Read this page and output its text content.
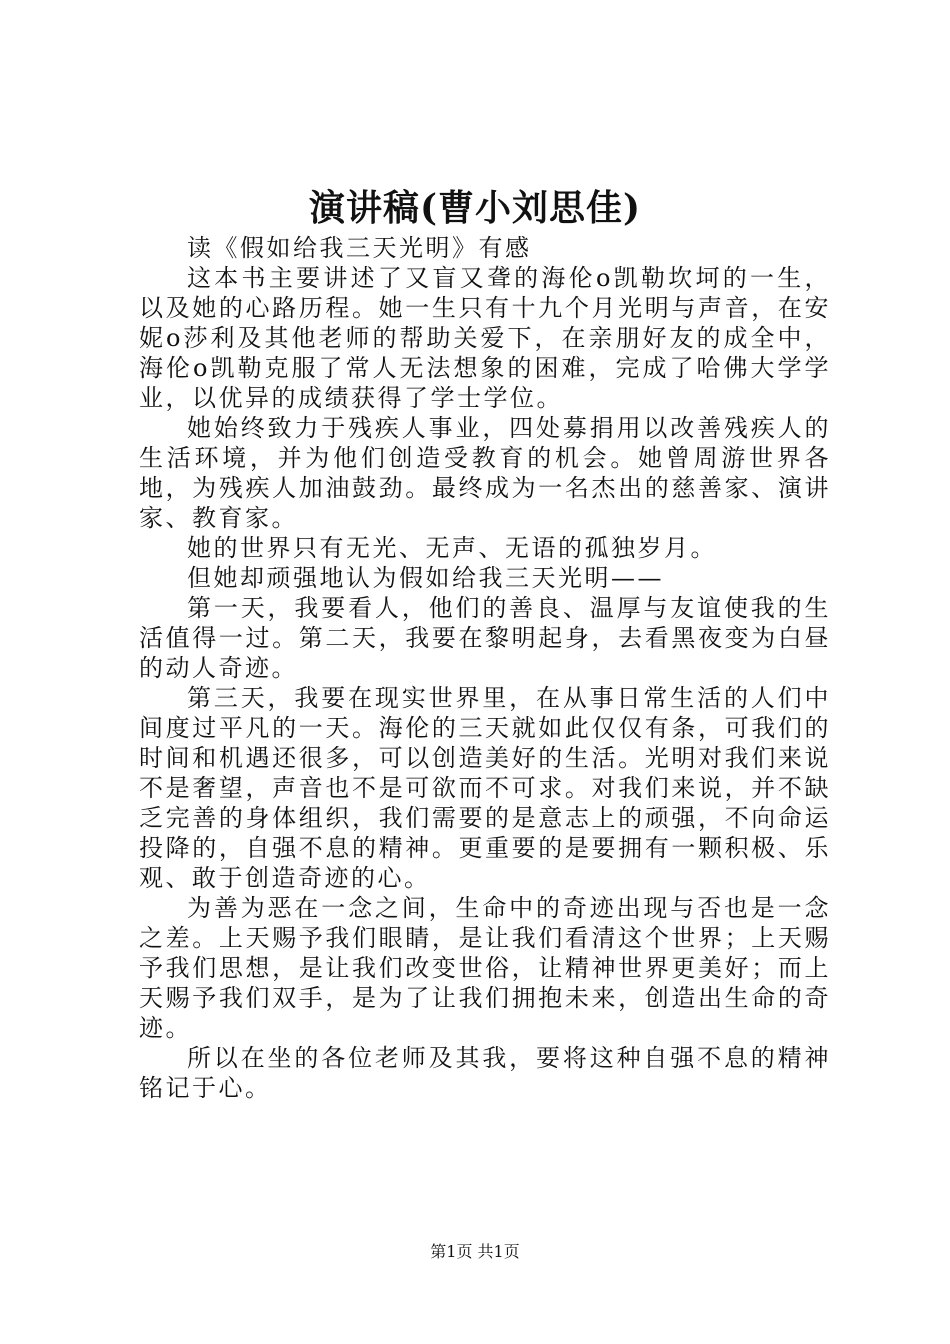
演讲稿(曹小刘思佳)

读《假如给我三天光明》有感

这本书主要讲述了又盲又聋的海伦ο凯勒坎坷的一生，以及她的心路历程。她一生只有十九个月光明与声音，在安妮ο莎利及其他老师的帮助关爱下，在亲朋好友的成全中，海伦ο凯勒克服了常人无法想象的困难，完成了哈佛大学学业，以优异的成绩获得了学士学位。

她始终致力于残疾人事业，四处募捐用以改善残疾人的生活环境，并为他们创造受教育的机会。她曾周游世界各地，为残疾人加油鼓劲。最终成为一名杰出的慈善家、演讲家、教育家。

她的世界只有无光、无声、无语的孤独岁月。

但她却顽强地认为假如给我三天光明——

第一天，我要看人，他们的善良、温厚与友谊使我的生活值得一过。第二天，我要在黎明起身，去看黑夜变为白昼的动人奇迹。

第三天，我要在现实世界里，在从事日常生活的人们中间度过平凡的一天。海伦的三天就如此仅仅有条，可我们的时间和机遇还很多，可以创造美好的生活。光明对我们来说不是奢望，声音也不是可欲而不可求。对我们来说，并不缺乏完善的身体组织，我们需要的是意志上的顽强，不向命运投降的，自强不息的精神。更重要的是要拥有一颗积极、乐观、敢于创造奇迹的心。

为善为恶在一念之间，生命中的奇迹出现与否也是一念之差。上天赐予我们眼睛，是让我们看清这个世界；上天赐予我们思想，是让我们改变世俗，让精神世界更美好；而上天赐予我们双手，是为了让我们拥抱未来，创造出生命的奇迹。

所以在坐的各位老师及其我，要将这种自强不息的精神铭记于心。

第1页 共1页
